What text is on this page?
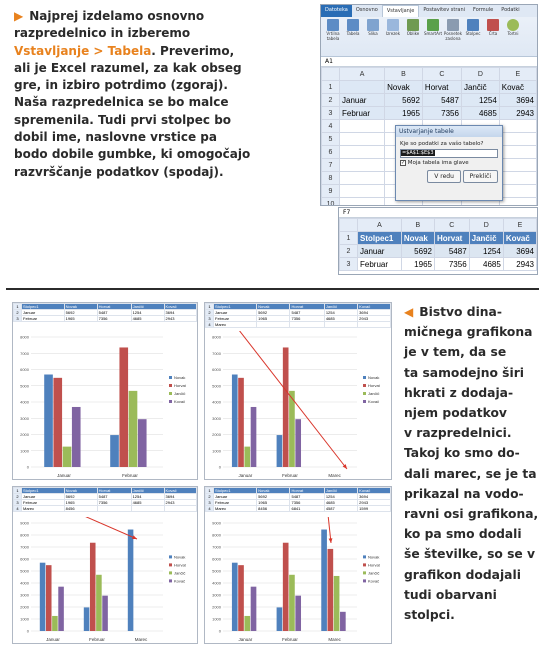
▶ Najprej izdelamo osnovno
razpredelnico in izberemo
Vstavljanje > Tabela. Preverimo,
ali je Excel razumel, za kak obseg
gre, in izbiro potrdimo (zgoraj).
Naša razpredelnica se bo malce
spremenila. Tudi prvi stolpec bo
dobil ime, naslovne vrstice pa
bodo dobile gumbke, ki omogočajo
razvrščanje podatkov (spodaj).
Datoteka	Osnovno	Vstavljanje	Postavitev strani	Formule	Podatki
Vrtilna tabela
Tabela Slika Izrezek Oblike SmartArt Posnetek zaslona
Stolpec Črta	Tortni
A1
	A	B	C	D	E
1		Novak	Horvat	Jančič	Kovač
2	Januar	5692	5487	1254	3694
3	Februar	1965	7356	4685	2943
4					
5					
6					
7					
8					
9					
10					
Ustvarjanje tabele
Kje so podatki za vašo tabelo?
=$A$1:$E$3
✓ Moja tabela ima glave
V redu	Prekliči
F7
	A	B	C	D	E
1	Stolpec1	Novak	Horvat	Jančič	Kovač
2	Januar	5692	5487	1254	3694
3	Februar	1965	7356	4685	2943
1	Stolpec1	Novak	Horvat	Jančič	Kovač
2	Januar	5692	5487	1254	3694
3	Februar	1965	7356	4685	2943
0
1000
2000
3000
4000
5000
6000
7000
8000
Januar	Februar
Novak
Horvat
Jančič
Kovač
1	Stolpec1	Novak	Horvat	Jančič	Kovač
2	Januar	5692	5487	1254	3694
3	Februar	1965	7356	4685	2943
4	Marec				
0
1000
2000
3000
4000
5000
6000
7000
8000
Januar	Februar	Marec
Novak
Horvat
Jančič
Kovač
1	Stolpec1	Novak	Horvat	Jančič	Kovač
2	Januar	5692	5487	1254	3694
3	Februar	1965	7356	4685	2943
4	Marec	8456			
0
1000
2000
3000
4000
5000
6000
7000
8000
9000
Januar	Februar	Marec
Novak
Horvat
Jančič
Kovač
1	Stolpec1	Novak	Horvat	Jančič	Kovač
2	Januar	5692	5487	1254	3694
3	Februar	1965	7356	4685	2943
4	Marec	8456	6841	4587	1599
0
1000
2000
3000
4000
5000
6000
7000
8000
9000
Januar	Februar	Marec
Novak
Horvat
Jančič
Kovač
◀ Bistvo dina-
mičnega grafikona
je v tem, da se
ta samodejno širi
hkrati z dodaja-
njem podatkov
v razpredelnici.
Takoj ko smo do-
dali marec, se je ta
prikazal na vodo-
ravni osi grafikona,
ko pa smo dodali
še številke, so se v
grafikon dodajali
tudi obarvani
stolpci.
